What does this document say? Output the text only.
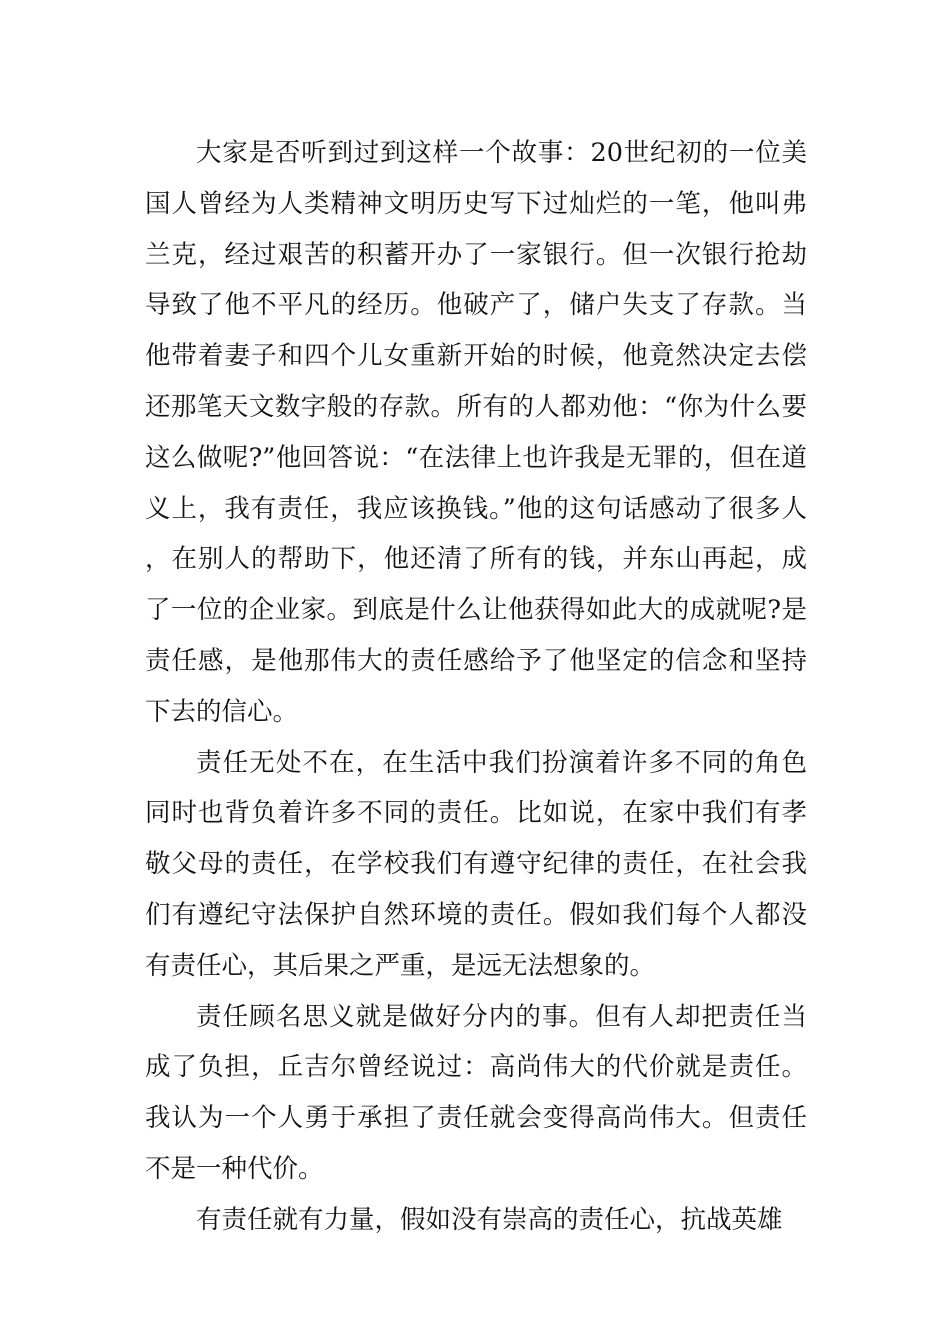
大家是否听到过到这样一个故事：20世纪初的一位美国人曾经为人类精神文明历史写下过灿烂的一笔，他叫弗兰克，经过艰苦的积蓄开办了一家银行。但一次银行抢劫导致了他不平凡的经历。他破产了，储户失支了存款。当他带着妻子和四个儿女重新开始的时候，他竟然决定去偿还那笔天文数字般的存款。所有的人都劝他：“你为什么要这么做呢?”他回答说：“在法律上也许我是无罪的，但在道义上，我有责任，我应该换钱。”他的这句话感动了很多人，在别人的帮助下，他还清了所有的钱，并东山再起，成了一位的企业家。到底是什么让他获得如此大的成就呢?是责任感，是他那伟大的责任感给予了他坚定的信念和坚持下去的信心。

责任无处不在，在生活中我们扮演着许多不同的角色同时也背负着许多不同的责任。比如说，在家中我们有孝敬父母的责任，在学校我们有遵守纪律的责任，在社会我们有遵纪守法保护自然环境的责任。假如我们每个人都没有责任心，其后果之严重，是远无法想象的。

责任顾名思义就是做好分内的事。但有人却把责任当成了负担，丘吉尔曾经说过：高尚伟大的代价就是责任。我认为一个人勇于承担了责任就会变得高尚伟大。但责任不是一种代价。

有责任就有力量，假如没有崇高的责任心，抗战英雄
